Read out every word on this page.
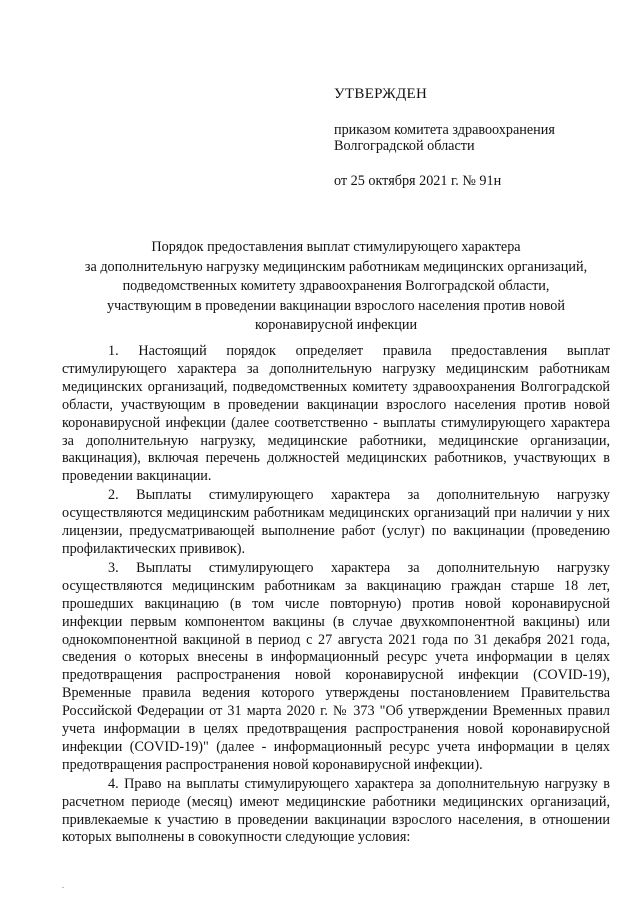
УТВЕРЖДЕН
приказом комитета здравоохранения
Волгоградской области
от 25 октября 2021 г. № 91н
Порядок предоставления выплат стимулирующего характера
за дополнительную нагрузку медицинским работникам медицинских организаций,
подведомственных комитету здравоохранения Волгоградской области,
участвующим в проведении вакцинации взрослого населения против новой
коронавирусной инфекции

1. Настоящий порядок определяет правила предоставления выплат стимулирующего характера за дополнительную нагрузку медицинским работникам медицинских организаций, подведомственных комитету здравоохранения Волгоградской области, участвующим в проведении вакцинации взрослого населения против новой коронавирусной инфекции (далее соответственно - выплаты стимулирующего характера за дополнительную нагрузку, медицинские работники, медицинские организации, вакцинация), включая перечень должностей медицинских работников, участвующих в проведении вакцинации.

2. Выплаты стимулирующего характера за дополнительную нагрузку осуществляются медицинским работникам медицинских организаций при наличии у них лицензии, предусматривающей выполнение работ (услуг) по вакцинации (проведению профилактических прививок).

3. Выплаты стимулирующего характера за дополнительную нагрузку осуществляются медицинским работникам за вакцинацию граждан старше 18 лет, прошедших вакцинацию (в том числе повторную) против новой коронавирусной инфекции первым компонентом вакцины (в случае двухкомпонентной вакцины) или однокомпонентной вакциной в период с 27 августа 2021 года по 31 декабря 2021 года, сведения о которых внесены в информационный ресурс учета информации в целях предотвращения распространения новой коронавирусной инфекции (COVID-19), Временные правила ведения которого утверждены постановлением Правительства Российской Федерации от 31 марта 2020 г. № 373 "Об утверждении Временных правил учета информации в целях предотвращения распространения новой коронавирусной инфекции (COVID-19)" (далее - информационный ресурс учета информации в целях предотвращения распространения новой коронавирусной инфекции).

4. Право на выплаты стимулирующего характера за дополнительную нагрузку в расчетном периоде (месяц) имеют медицинские работники медицинских организаций, привлекаемые к участию в проведении вакцинации взрослого населения, в отношении которых выполнены в совокупности следующие условия:
